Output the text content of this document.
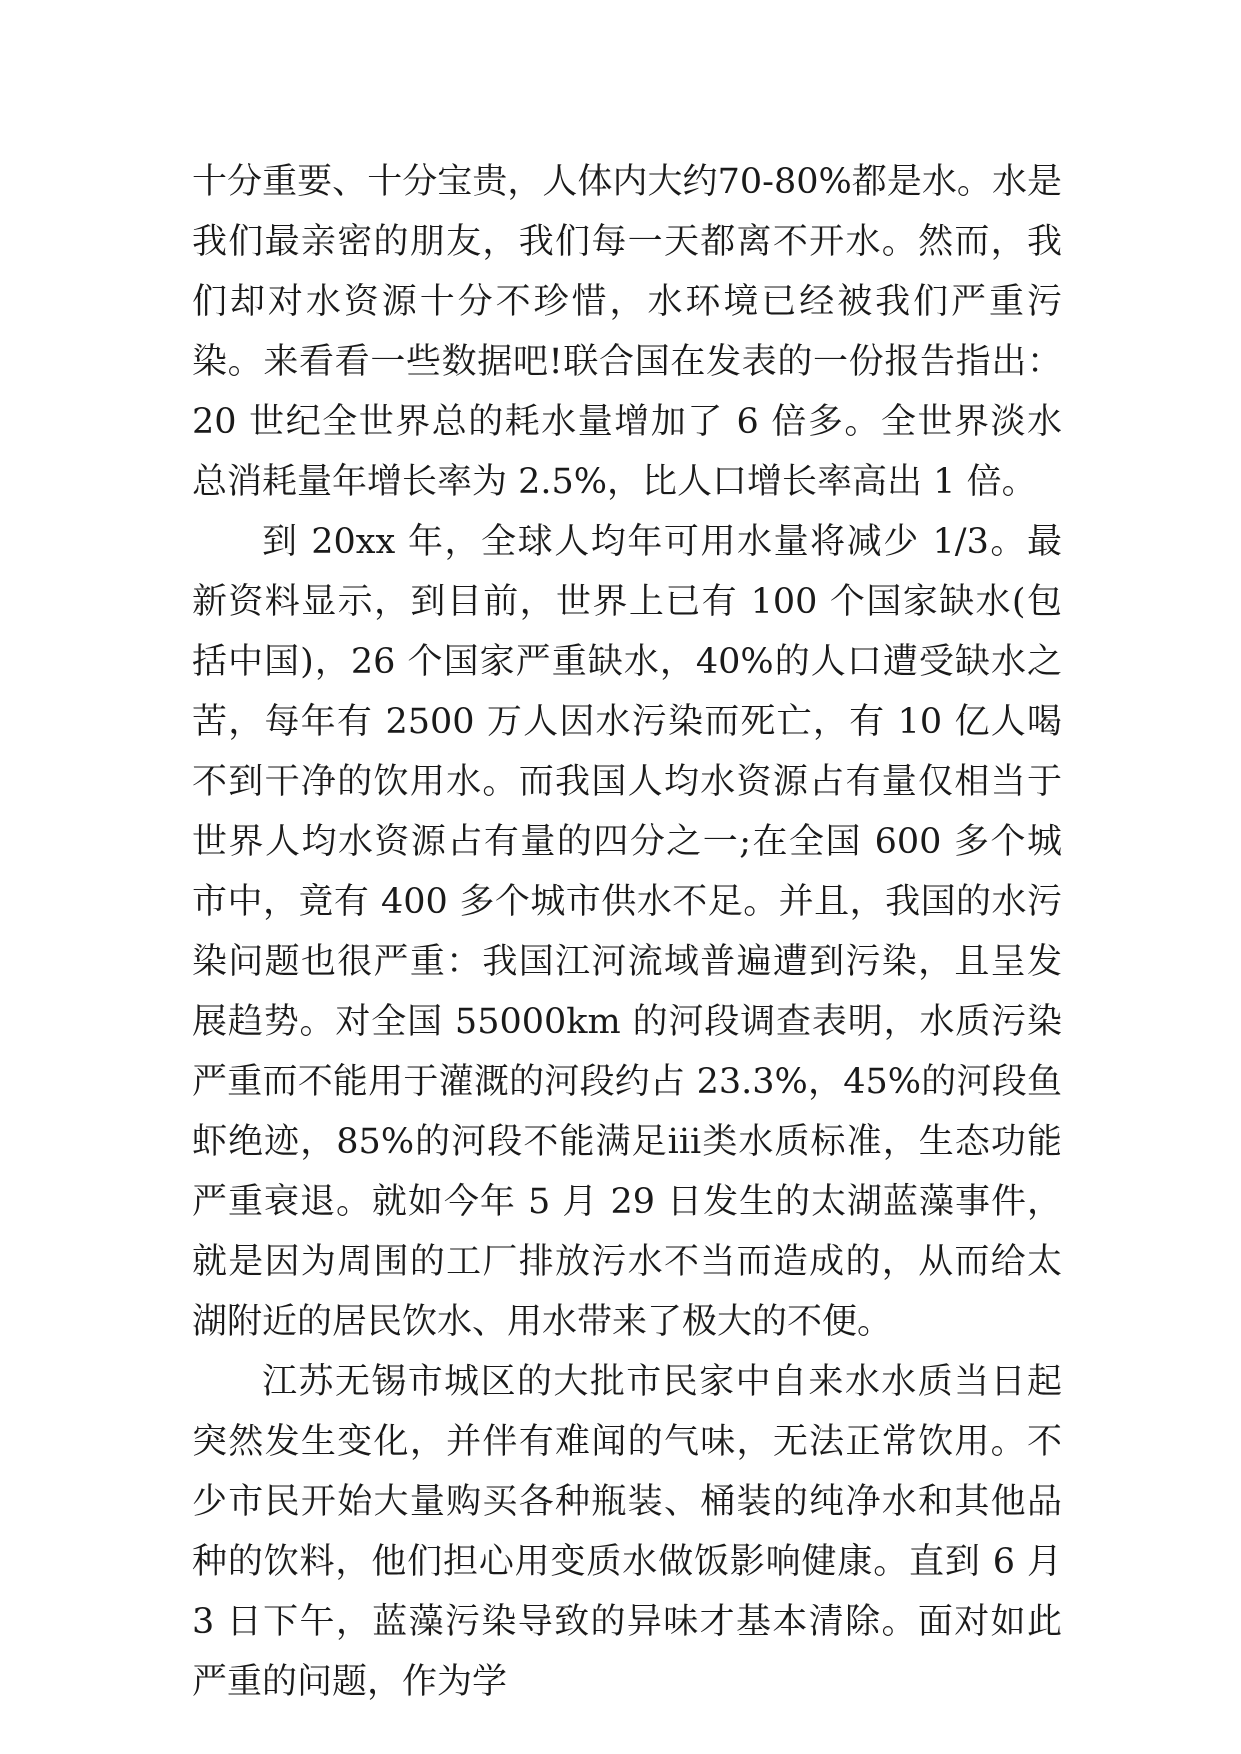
十分重要、十分宝贵，人体内大约70-80%都是水。水是我们最亲密的朋友，我们每一天都离不开水。然而，我们却对水资源十分不珍惜，水环境已经被我们严重污染。来看看一些数据吧!联合国在发表的一份报告指出：20 世纪全世界总的耗水量增加了 6 倍多。全世界淡水总消耗量年增长率为 2.5%，比人口增长率高出 1 倍。

到 20xx 年，全球人均年可用水量将减少 1/3。最新资料显示，到目前，世界上已有 100 个国家缺水(包括中国)，26 个国家严重缺水，40%的人口遭受缺水之苦，每年有 2500 万人因水污染而死亡，有 10 亿人喝不到干净的饮用水。而我国人均水资源占有量仅相当于世界人均水资源占有量的四分之一;在全国 600 多个城市中，竟有 400 多个城市供水不足。并且，我国的水污染问题也很严重：我国江河流域普遍遭到污染，且呈发展趋势。对全国 55000km 的河段调查表明，水质污染严重而不能用于灌溉的河段约占 23.3%，45%的河段鱼虾绝迹，85%的河段不能满足iii类水质标准，生态功能严重衰退。就如今年 5 月 29 日发生的太湖蓝藻事件，就是因为周围的工厂排放污水不当而造成的，从而给太湖附近的居民饮水、用水带来了极大的不便。

江苏无锡市城区的大批市民家中自来水水质当日起突然发生变化，并伴有难闻的气味，无法正常饮用。不少市民开始大量购买各种瓶装、桶装的纯净水和其他品种的饮料，他们担心用变质水做饭影响健康。直到 6 月 3 日下午，蓝藻污染导致的异味才基本清除。面对如此严重的问题，作为学
